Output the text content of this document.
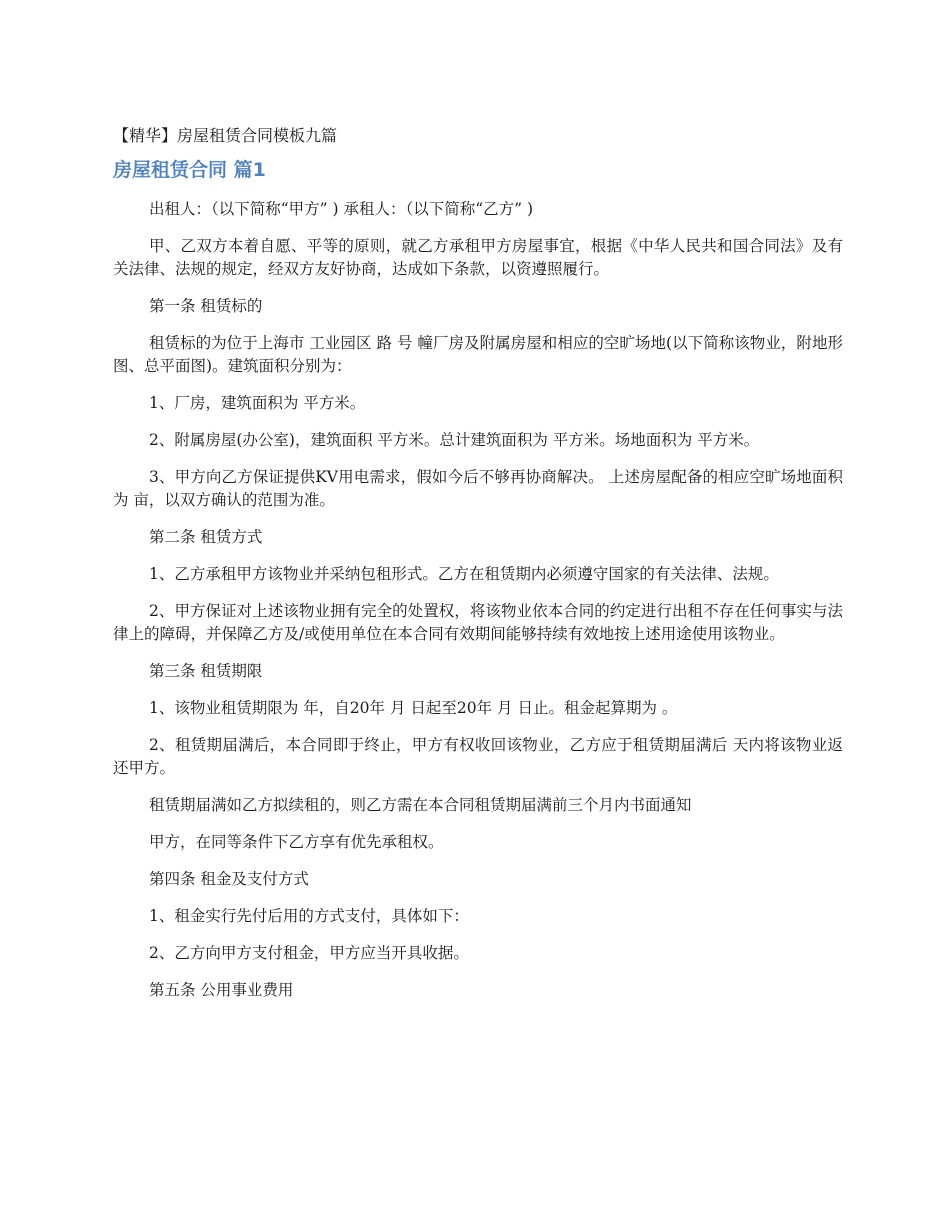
【精华】房屋租赁合同模板九篇
房屋租赁合同 篇1

出租人：（以下简称“甲方” ) 承租人：（以下简称“乙方” )

甲、乙双方本着自愿、平等的原则，就乙方承租甲方房屋事宜，根据《中华人民共和国合同法》及有关法律、法规的规定，经双方友好协商，达成如下条款，以资遵照履行。

第一条 租赁标的

租赁标的为位于上海市 工业园区 路 号 幢厂房及附属房屋和相应的空旷场地(以下简称该物业，附地形图、总平面图)。建筑面积分别为：

1、厂房，建筑面积为 平方米。

2、附属房屋(办公室)，建筑面积 平方米。总计建筑面积为 平方米。场地面积为 平方米。

3、甲方向乙方保证提供KV用电需求，假如今后不够再协商解决。 上述房屋配备的相应空旷场地面积为 亩，以双方确认的范围为准。

第二条 租赁方式

1、乙方承租甲方该物业并采纳包租形式。乙方在租赁期内必须遵守国家的有关法律、法规。

2、甲方保证对上述该物业拥有完全的处置权，将该物业依本合同的约定进行出租不存在任何事实与法律上的障碍，并保障乙方及/或使用单位在本合同有效期间能够持续有效地按上述用途使用该物业。

第三条 租赁期限

1、该物业租赁期限为 年，自20年 月 日起至20年 月 日止。租金起算期为 。

2、租赁期届满后，本合同即于终止，甲方有权收回该物业，乙方应于租赁期届满后 天内将该物业返还甲方。

租赁期届满如乙方拟续租的，则乙方需在本合同租赁期届满前三个月内书面通知

甲方，在同等条件下乙方享有优先承租权。

第四条 租金及支付方式

1、租金实行先付后用的方式支付，具体如下：

2、乙方向甲方支付租金，甲方应当开具收据。

第五条 公用事业费用
